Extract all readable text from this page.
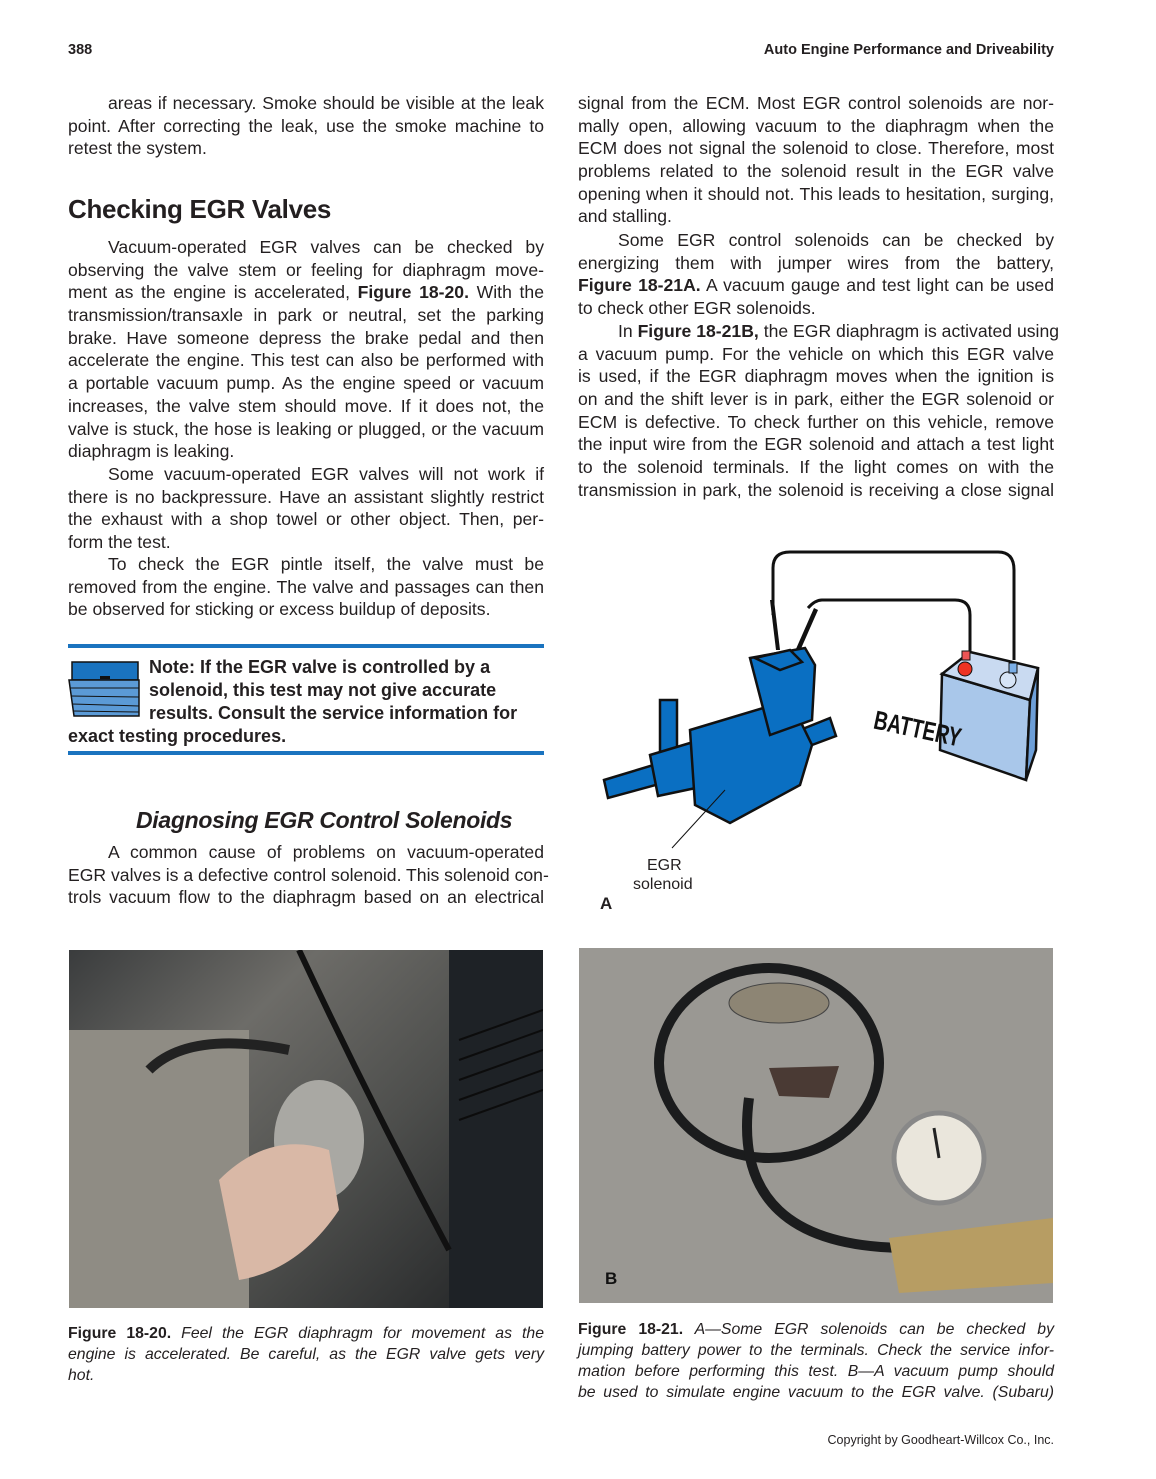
388	Auto Engine Performance and Driveability
areas if necessary. Smoke should be visible at the leak
point. After correcting the leak, use the smoke machine to
retest the system.
Checking EGR Valves
Vacuum-operated EGR valves can be checked by
observing the valve stem or feeling for diaphragm move-
ment as the engine is accelerated, Figure 18-20. With the
transmission/transaxle in park or neutral, set the parking
brake. Have someone depress the brake pedal and then
accelerate the engine. This test can also be performed with
a portable vacuum pump. As the engine speed or vacuum
increases, the valve stem should move. If it does not, the
valve is stuck, the hose is leaking or plugged, or the vacuum
diaphragm is leaking.
Some vacuum-operated EGR valves will not work if
there is no backpressure. Have an assistant slightly restrict
the exhaust with a shop towel or other object. Then, per-
form the test.
To check the EGR pintle itself, the valve must be
removed from the engine. The valve and passages can then
be observed for sticking or excess buildup of deposits.
Note: If the EGR valve is controlled by a
solenoid, this test may not give accurate
results. Consult the service information for
exact testing procedures.
Diagnosing EGR Control Solenoids
A common cause of problems on vacuum-operated
EGR valves is a defective control solenoid. This solenoid con-
trols vacuum flow to the diaphragm based on an electrical
signal from the ECM. Most EGR control solenoids are nor-
mally open, allowing vacuum to the diaphragm when the
ECM does not signal the solenoid to close. Therefore, most
problems related to the solenoid result in the EGR valve
opening when it should not. This leads to hesitation, surging,
and stalling.
Some EGR control solenoids can be checked by
energizing them with jumper wires from the battery,
Figure 18-21A. A vacuum gauge and test light can be used
to check other EGR solenoids.
In Figure 18-21B, the EGR diaphragm is activated using
a vacuum pump. For the vehicle on which this EGR valve
is used, if the EGR diaphragm moves when the ignition is
on and the shift lever is in park, either the EGR solenoid or
ECM is defective. To check further on this vehicle, remove
the input wire from the EGR solenoid and attach a test light
to the solenoid terminals. If the light comes on with the
transmission in park, the solenoid is receiving a close signal
BATTERY
EGR
solenoid
A
B
Figure 18-20. Feel the EGR diaphragm for movement as the
engine is accelerated. Be careful, as the EGR valve gets very
hot.
Figure 18-21. A—Some EGR solenoids can be checked by
jumping battery power to the terminals. Check the service infor-
mation before performing this test. B—A vacuum pump should
be used to simulate engine vacuum to the EGR valve. (Subaru)
Copyright by Goodheart-Willcox Co., Inc.
